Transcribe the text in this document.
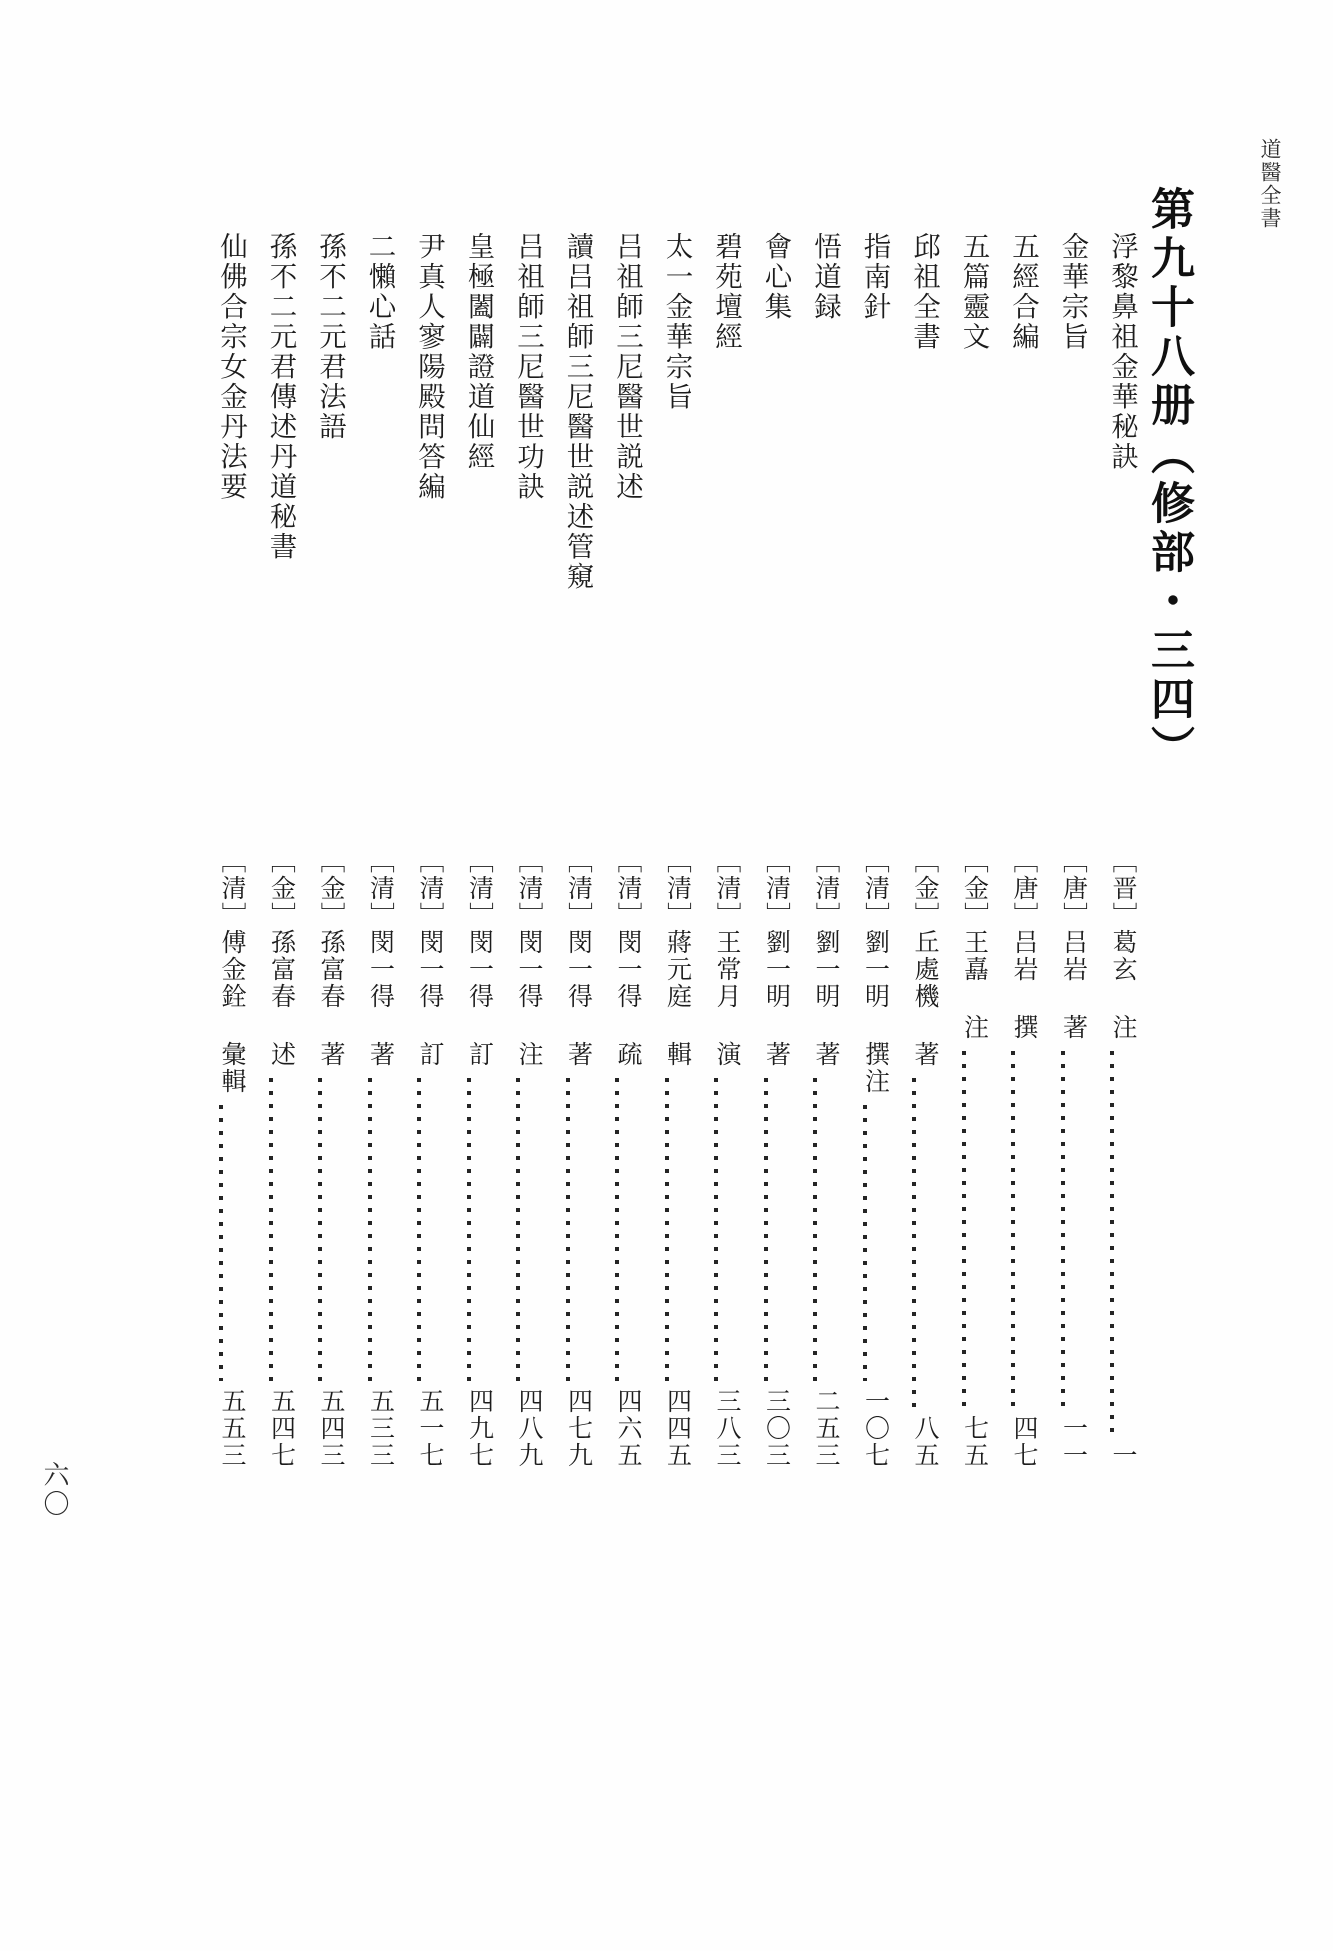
道醫全書
第九十八册（修部・三四）
浮黎鼻祖金華秘訣
金華宗旨
五經合編
五篇靈文
邱祖全書
指南針
悟道録
會心集
碧苑壇經
太一金華宗旨
吕祖師三尼醫世説述
讀吕祖師三尼醫世説述管窺
吕祖師三尼醫世功訣
皇極闔闢證道仙經
尹真人寥陽殿問答編
二懶心話
孫不二元君法語
孫不二元君傳述丹道秘書
仙佛合宗女金丹法要
［晋］葛玄 注
一
［唐］吕岩 著
一一
［唐］吕岩 撰
四七
［金］王嚞 注
七五
［金］丘處機 著
八五
［清］劉一明 撰注
一〇七
［清］劉一明 著
二五三
［清］劉一明 著
三〇三
［清］王常月 演
三八三
［清］蔣元庭 輯
四四五
［清］閔一得 疏
四六五
［清］閔一得 著
四七九
［清］閔一得 注
四八九
［清］閔一得 訂
四九七
［清］閔一得 訂
五一七
［清］閔一得 著
五三三
［金］孫富春 著
五四三
［金］孫富春 述
五四七
［清］傅金銓 彙輯
五五三
六〇
